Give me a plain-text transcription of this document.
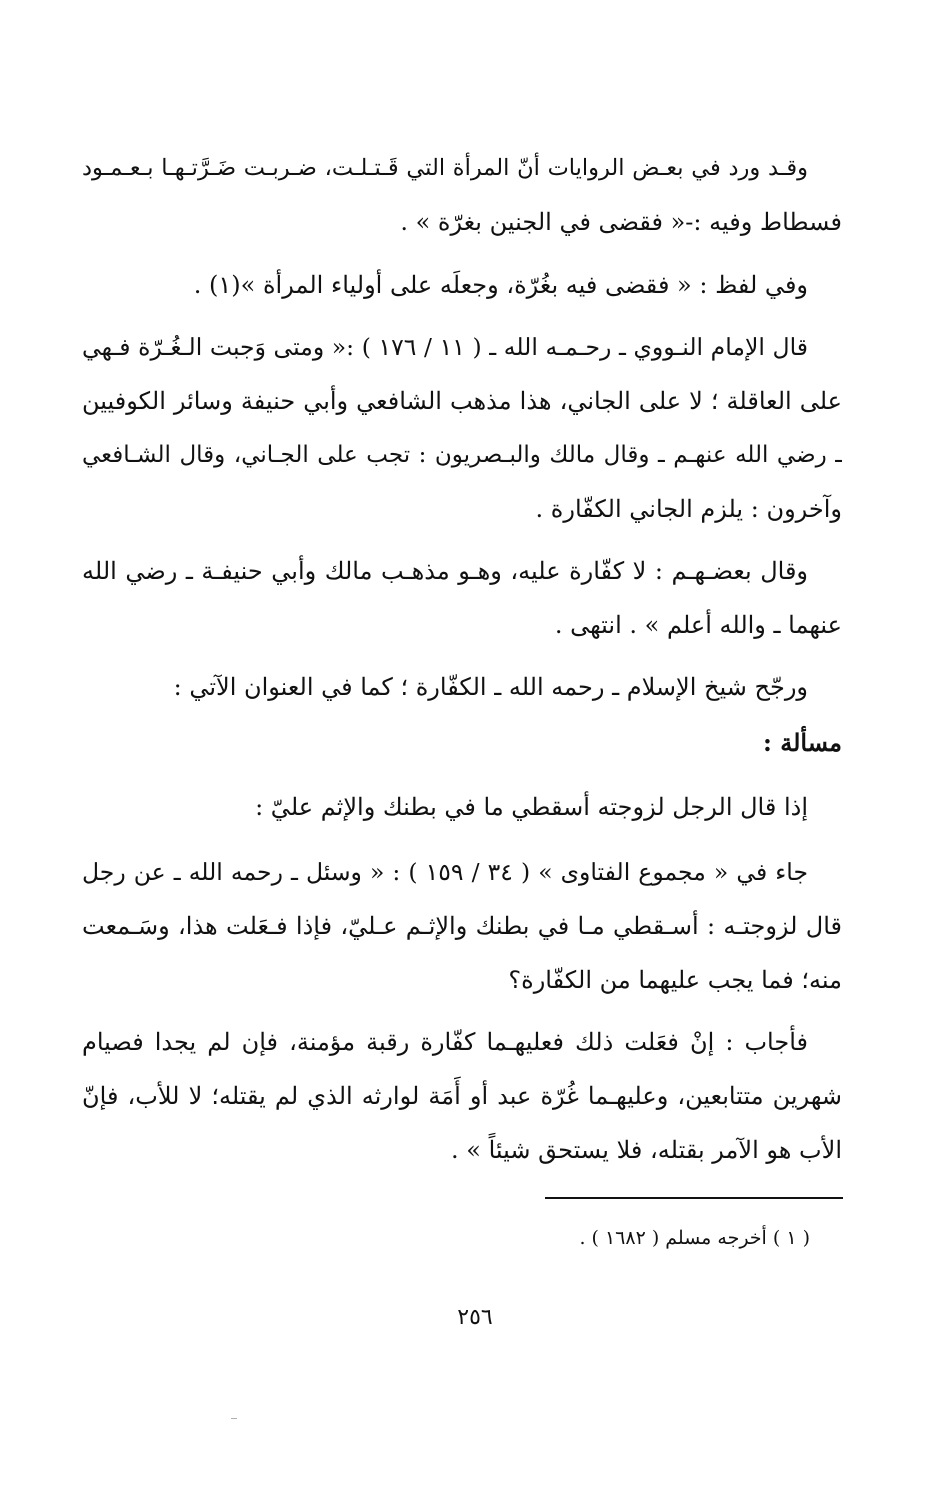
وقـد ورد في بعـض الروايات أنّ المرأة التي قَـتـلـت، ضـربـت ضَـرَّتـهـا بـعـمـود
فسطاط وفيه :-« فقضى في الجنين بغرّة » .
وفي لفظ : « فقضى فيه بغُرّة، وجعلَه على أولياء المرأة »(١) .
قال الإمام النـووي ـ رحـمـه الله ـ ( ١١ / ١٧٦ ) :« ومتى وَجبت الـغُـرّة فـهي
على العاقلة ؛ لا على الجاني، هذا مذهب الشافعي وأبي حنيفة وسائر الكوفيين
ـ رضي الله عنهـم ـ وقال مالك والبـصريون : تجب على الجـاني، وقال الشـافعي
وآخرون : يلزم الجاني الكفّارة .
وقال بعضـهـم : لا كفّارة عليه، وهـو مذهـب مالك وأبي حنيفـة ـ رضي الله
عنهما ـ والله أعلم » . انتهى .
ورجّح شيخ الإسلام ـ رحمه الله ـ الكفّارة ؛ كما في العنوان الآتي :
مسألة :
إذا قال الرجل لزوجته أسقطي ما في بطنك والإثم عليّ :
جاء في « مجموع الفتاوى » ( ٣٤ / ١٥٩ ) : « وسئل ـ رحمه الله ـ عن رجل
قال لزوجتـه : أسـقطي مـا في بطنك والإثـم عـليّ، فإذا فـعَلت هذا، وسَـمعت
منه؛ فما يجب عليهما من الكفّارة؟
فأجاب : إنْ فعَلت ذلك فعليهـما كفّارة رقبة مؤمنة، فإن لم يجدا فصيام
شهرين متتابعين، وعليهـما غُرّة عبد أو أَمَة لوارثه الذي لم يقتله؛ لا للأب، فإنّ
الأب هو الآمر بقتله، فلا يستحق شيئاً » .
( ١ ) أخرجه مسلم ( ١٦٨٢ ) .
٢٥٦
